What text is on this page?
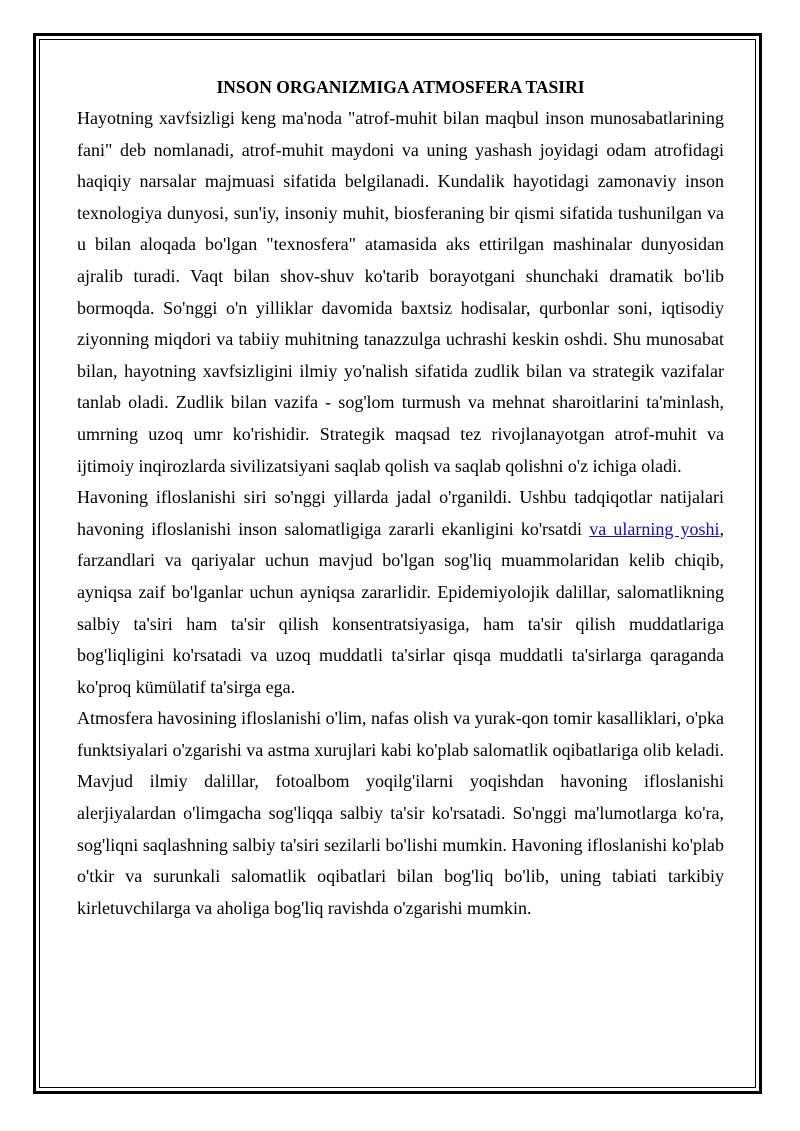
INSON ORGANIZMIGA ATMOSFERA TASIRI

Hayotning xavfsizligi keng ma'noda "atrof-muhit bilan maqbul inson munosabatlarining fani" deb nomlanadi, atrof-muhit maydoni va uning yashash joyidagi odam atrofidagi haqiqiy narsalar majmuasi sifatida belgilanadi. Kundalik hayotidagi zamonaviy inson texnologiya dunyosi, sun'iy, insoniy muhit, biosferaning bir qismi sifatida tushunilgan va u bilan aloqada bo'lgan "texnosfera" atamasida aks ettirilgan mashinalar dunyosidan ajralib turadi. Vaqt bilan shov-shuv ko'tarib borayotgani shunchaki dramatik bo'lib bormoqda. So'nggi o'n yilliklar davomida baxtsiz hodisalar, qurbonlar soni, iqtisodiy ziyonning miqdori va tabiiy muhitning tanazzulga uchrashi keskin oshdi. Shu munosabat bilan, hayotning xavfsizligini ilmiy yo'nalish sifatida zudlik bilan va strategik vazifalar tanlab oladi. Zudlik bilan vazifa - sog'lom turmush va mehnat sharoitlarini ta'minlash, umrning uzoq umr ko'rishidir. Strategik maqsad tez rivojlanayotgan atrof-muhit va ijtimoiy inqirozlarda sivilizatsiyani saqlab qolish va saqlab qolishni o'z ichiga oladi.

Havoning ifloslanishi siri so'nggi yillarda jadal o'rganildi. Ushbu tadqiqotlar natijalari havoning ifloslanishi inson salomatligiga zararli ekanligini ko'rsatdi va ularning yoshi, farzandlari va qariyalar uchun mavjud bo'lgan sog'liq muammolaridan kelib chiqib, ayniqsa zaif bo'lganlar uchun ayniqsa zararlidir. Epidemiyolojik dalillar, salomatlikning salbiy ta'siri ham ta'sir qilish konsentratsiyasiga, ham ta'sir qilish muddatlariga bog'liqligini ko'rsatadi va uzoq muddatli ta'sirlar qisqa muddatli ta'sirlarga qaraganda ko'proq kümülatif ta'sirga ega.

Atmosfera havosining ifloslanishi o'lim, nafas olish va yurak-qon tomir kasalliklari, o'pka funktsiyalari o'zgarishi va astma xurujlari kabi ko'plab salomatlik oqibatlariga olib keladi. Mavjud ilmiy dalillar, fotoalbom yoqilg'ilarni yoqishdan havoning ifloslanishi alerjiyalardan o'limgacha sog'liqqa salbiy ta'sir ko'rsatadi. So'nggi ma'lumotlarga ko'ra, sog'liqni saqlashning salbiy ta'siri sezilarli bo'lishi mumkin. Havoning ifloslanishi ko'plab o'tkir va surunkali salomatlik oqibatlari bilan bog'liq bo'lib, uning tabiati tarkibiy kirletuvchilarga va aholiga bog'liq ravishda o'zgarishi mumkin.
